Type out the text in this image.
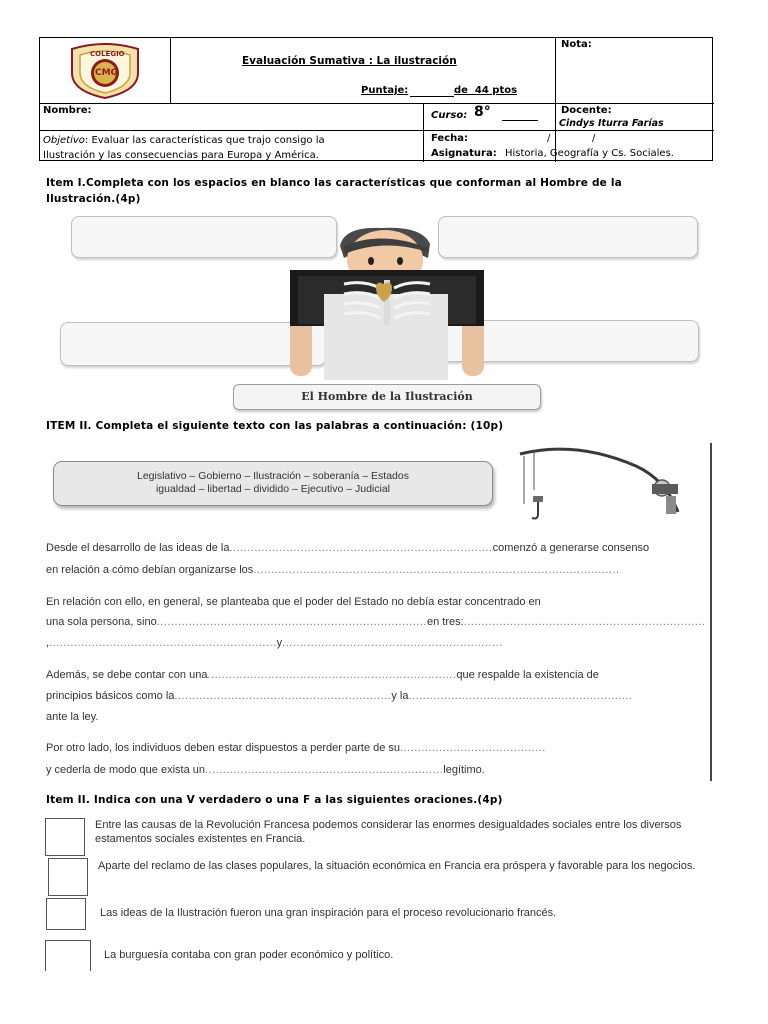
COLEGIO
CMG
Evaluación Sumativa : La ilustración
Puntaje:	de  44 ptos
Nota:
Nombre:	Curso: 8°	Docente:
Cindys Iturra Farías
Objetivo: Evaluar las características que trajo consigo la
Ilustración y las consecuencias para Europa y América.
Fecha:	/	/
Asignatura: Historia, Geografía y Cs. Sociales.
Item I.Completa con los espacios en blanco las características que conforman al Hombre de la
Ilustración.(4p)
El Hombre de la Ilustración
ITEM II. Completa el siguiente texto con las palabras a continuación: (10p)
Legislativo – Gobierno – Ilustración – soberanía – Estados
igualdad – libertad – dividido – Ejecutivo – Judicial
Desde el desarrollo de las ideas de la..........................................................................comenzó a generarse consenso
en relación a cómo debían organizarse los.......................................................................................................
En relación con ello, en general, se planteaba que el poder del Estado no debía estar concentrado en
una sola persona, sino............................................................................en tres:....................................................................
,................................................................y..............................................................
Además, se debe contar con una......................................................................que respalde la existencia de
principios básicos como la.............................................................y la...............................................................
ante la ley.
Por otro lado, los individuos deben estar dispuestos a perder parte de su.........................................
y cederla de modo que exista un...................................................................legítimo.
Item II. Indica con una V verdadero o una F a las siguientes oraciones.(4p)
Entre las causas de la Revolución Francesa podemos considerar las enormes desigualdades sociales entre los diversos estamentos sociales existentes en Francia.
Aparte del reclamo de las clases populares, la situación económica en Francia era próspera y favorable para los negocios.
Las ideas de la Ilustración fueron una gran inspiración para el proceso revolucionario francés.
La burguesía contaba con gran poder económico y político.
